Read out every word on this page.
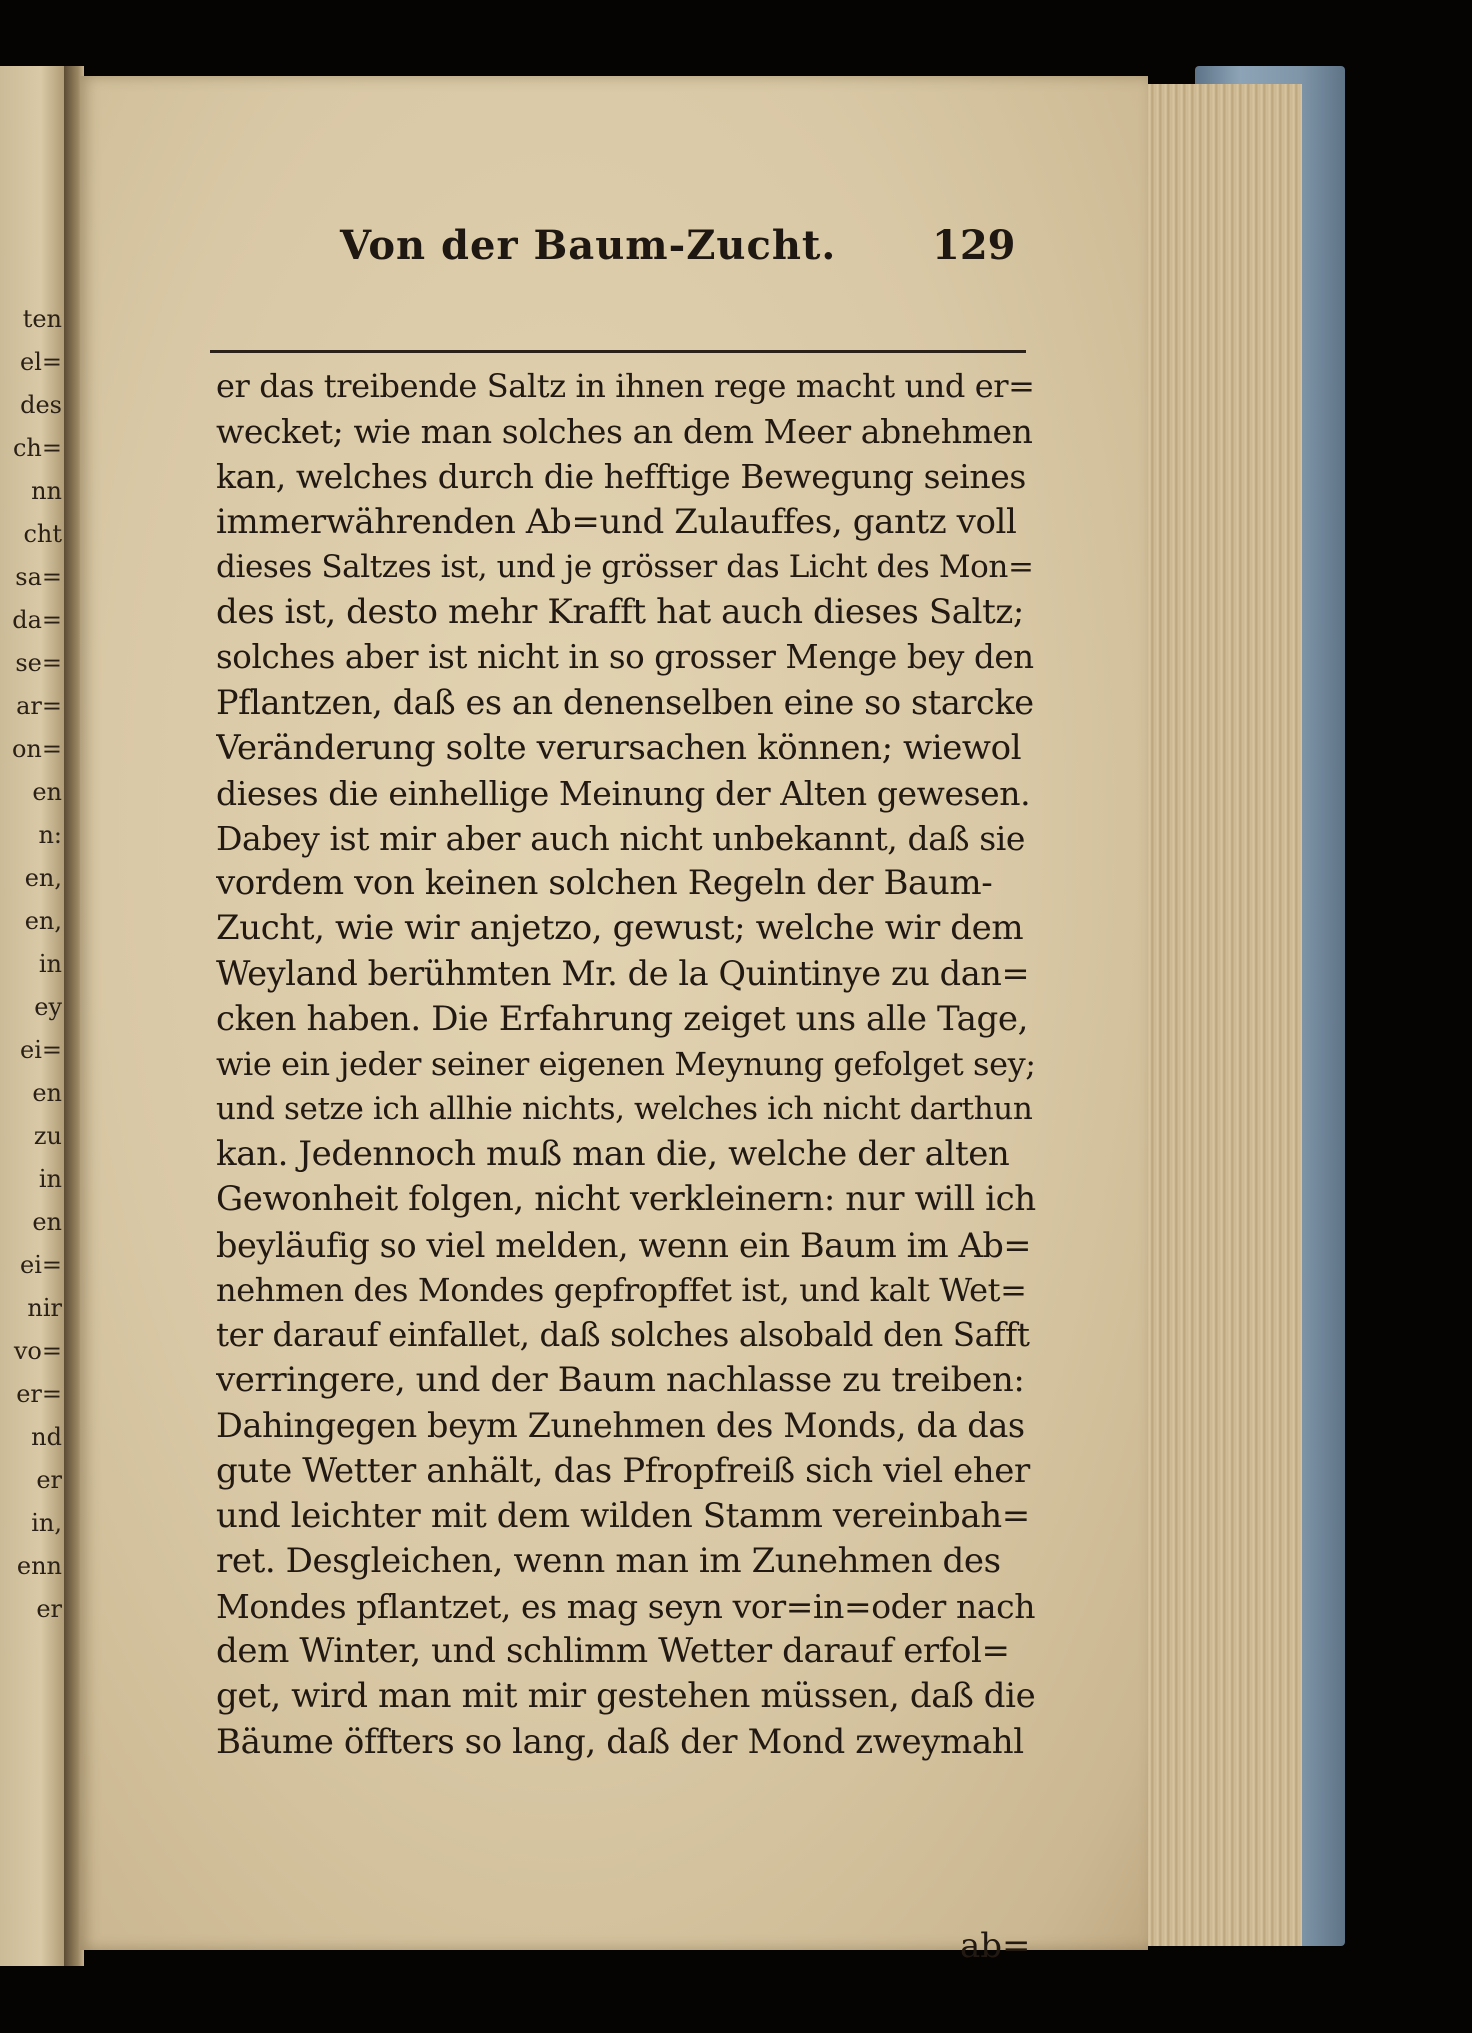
ten
el=
des
ch=
nn
cht
sa=
da=
se=
ar=
on=
en
n:
en,
en,
in
ey
ei=
en
zu
in
en
ei=
nir
vo=
er=
nd
er
in,
enn
er
Von der Baum-Zucht. 129
er das treibende Saltz in ihnen rege macht und er=
wecket; wie man solches an dem Meer abnehmen
kan, welches durch die hefftige Bewegung seines
immerwährenden Ab=und Zulauffes, gantz voll
dieses Saltzes ist, und je grösser das Licht des Mon=
des ist, desto mehr Krafft hat auch dieses Saltz;
solches aber ist nicht in so grosser Menge bey den
Pflantzen, daß es an denenselben eine so starcke
Veränderung solte verursachen können; wiewol
dieses die einhellige Meinung der Alten gewesen.
Dabey ist mir aber auch nicht unbekannt, daß sie
vordem von keinen solchen Regeln der Baum-
Zucht, wie wir anjetzo, gewust; welche wir dem
Weyland berühmten Mr. de la Quintinye zu dan=
cken haben. Die Erfahrung zeiget uns alle Tage,
wie ein jeder seiner eigenen Meynung gefolget sey;
und setze ich allhie nichts, welches ich nicht darthun
kan. Jedennoch muß man die, welche der alten
Gewonheit folgen, nicht verkleinern: nur will ich
beyläufig so viel melden, wenn ein Baum im Ab=
nehmen des Mondes gepfropffet ist, und kalt Wet=
ter darauf einfallet, daß solches alsobald den Safft
verringere, und der Baum nachlasse zu treiben:
Dahingegen beym Zunehmen des Monds, da das
gute Wetter anhält, das Pfropfreiß sich viel eher
und leichter mit dem wilden Stamm vereinbah=
ret. Desgleichen, wenn man im Zunehmen des
Mondes pflantzet, es mag seyn vor=in=oder nach
dem Winter, und schlimm Wetter darauf erfol=
get, wird man mit mir gestehen müssen, daß die
Bäume öffters so lang, daß der Mond zweymahl
ab=
